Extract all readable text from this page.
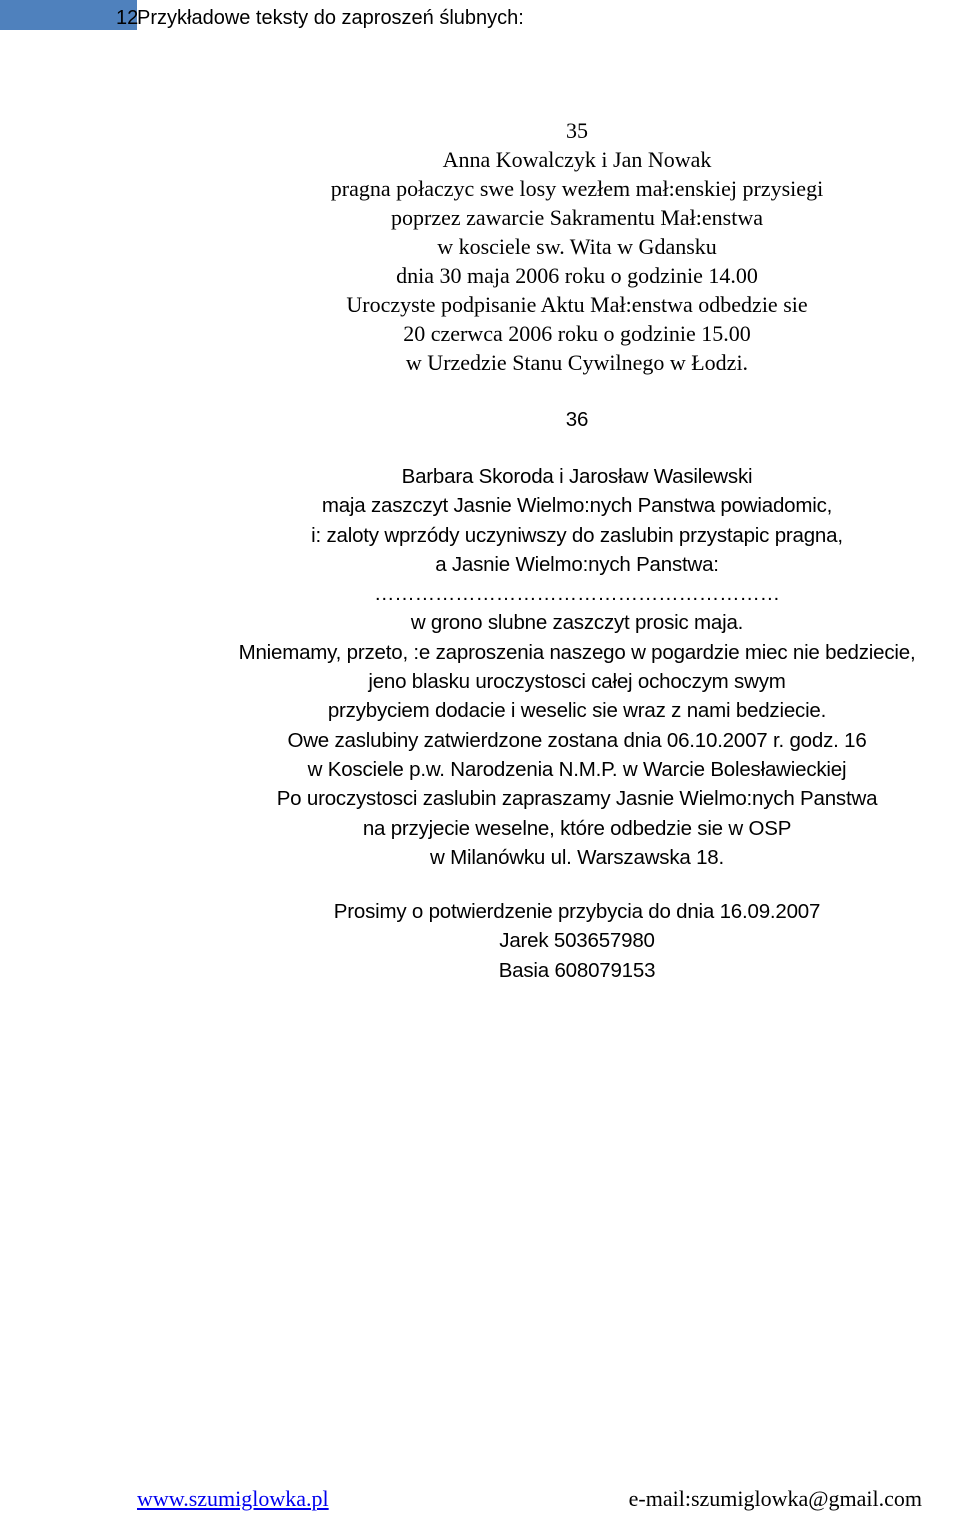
12
Przykładowe teksty do zaproszeń ślubnych:
35
Anna Kowalczyk i Jan Nowak
pragna połaczyc swe losy wezłem mał:enskiej przysiegi
poprzez zawarcie Sakramentu Mał:enstwa
w kosciele sw. Wita w Gdansku
dnia 30 maja 2006 roku o godzinie 14.00
Uroczyste podpisanie Aktu Mał:enstwa odbedzie sie
20 czerwca 2006 roku o godzinie 15.00
w Urzedzie Stanu Cywilnego w Łodzi.
36
Barbara Skoroda i Jarosław Wasilewski
maja zaszczyt Jasnie Wielmo:nych Panstwa powiadomic,
i: zaloty wprzódy uczyniwszy do zaslubin przystapic pragna,
a Jasnie Wielmo:nych Panstwa:
……………………………………………………
w grono slubne zaszczyt prosic maja.
Mniemamy, przeto, :e zaproszenia naszego w pogardzie miec nie bedziecie,
jeno blasku uroczystosci całej ochoczym swym
przybyciem dodacie i weselic sie wraz z nami bedziecie.
Owe zaslubiny zatwierdzone zostana dnia 06.10.2007 r. godz. 16
w Kosciele p.w. Narodzenia N.M.P. w Warcie Bolesławieckiej
Po uroczystosci zaslubin zapraszamy Jasnie Wielmo:nych Panstwa
na przyjecie weselne, które odbedzie sie w OSP
w Milanówku ul. Warszawska 18.
Prosimy o potwierdzenie przybycia do dnia 16.09.2007
Jarek 503657980
Basia 608079153
www.szumiglowka.pl	e-mail:szumiglowka@gmail.com
